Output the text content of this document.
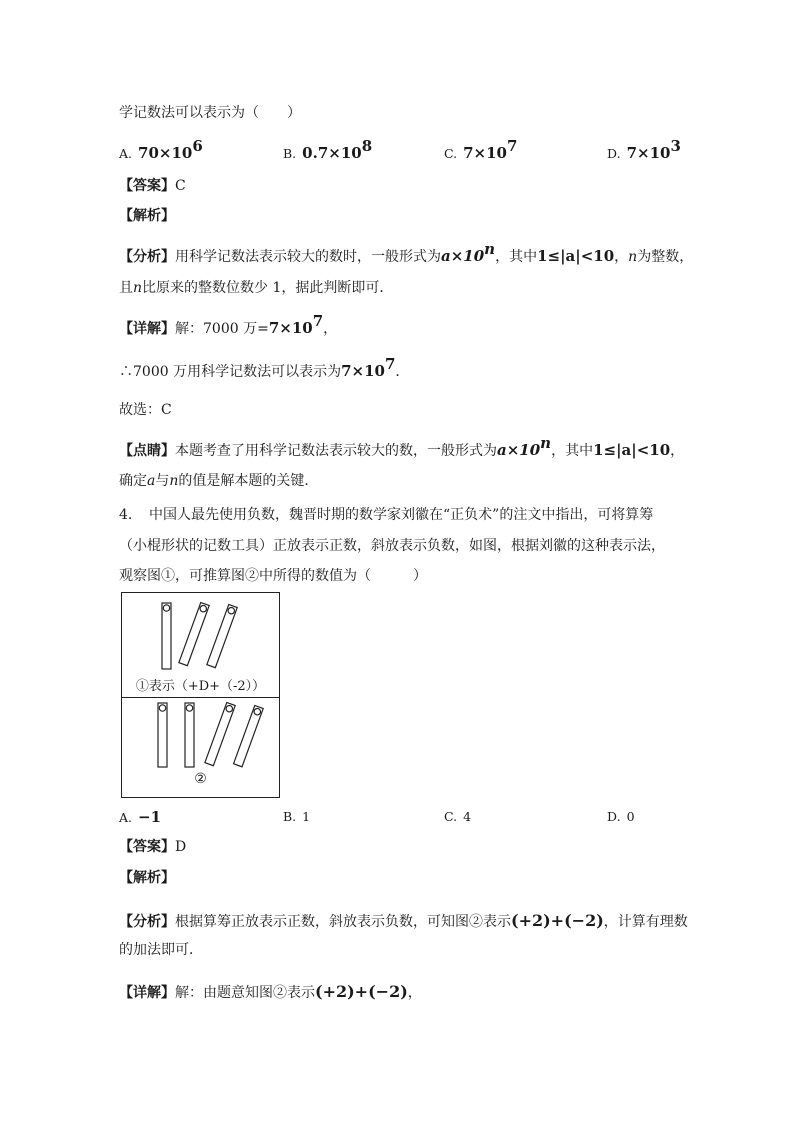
学记数法可以表示为（　　）
A. $70\times 10^6$	B. $0.7\times 10^8$	C. $7\times 10^7$	D. $7\times 10^3$
【答案】C
【解析】
【分析】用科学记数法表示较大的数时，一般形式为$a\times 10^n$，其中1≤|a|<10，n为整数，
且n比原来的整数位数少 1，据此判断即可．
【详解】解：7000 万$=7\times 10^7$，
∴7000 万用科学记数法可以表示为$7\times 10^7$．
故选：C
【点睛】本题考查了用科学记数法表示较大的数，一般形式为$a\times 10^n$，其中1≤|a|<10，
确定a与n的值是解本题的关键．
4. 中国人最先使用负数，魏晋时期的数学家刘徽在“正负术”的注文中指出，可将算筹
（小棍形状的记数工具）正放表示正数，斜放表示负数，如图，根据刘徽的这种表示法，
观察图①，可推算图②中所得的数值为（　　　）
①表示（+D+（-2））
②
A. −1	B. 1	C. 4	D. 0
【答案】D
【解析】
【分析】根据算筹正放表示正数，斜放表示负数，可知图②表示(+2)+(−2)，计算有理数
的加法即可．
【详解】解：由题意知图②表示(+2)+(−2)，
